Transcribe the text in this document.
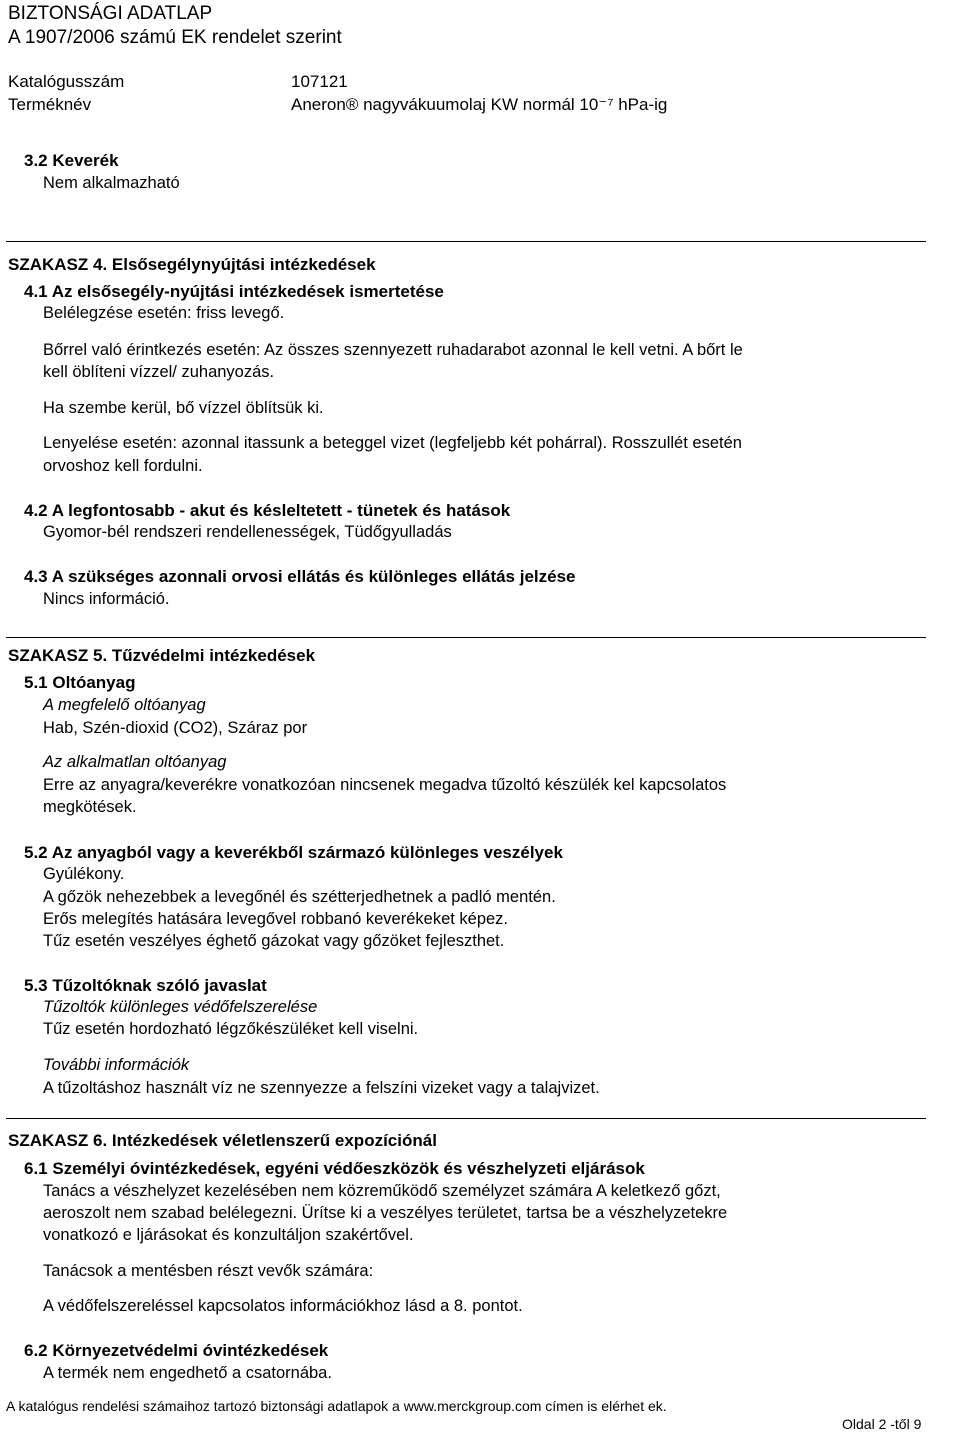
BIZTONSÁGI ADATLAP
A 1907/2006 számú EK rendelet szerint
Katalógusszám	107121
Terméknév	Aneron® nagyvákuumolaj KW normál 10⁻⁷ hPa-ig
3.2 Keverék
Nem alkalmazható
SZAKASZ 4. Elsősegélynyújtási intézkedések
4.1 Az elsősegély-nyújtási intézkedések ismertetése
Belélegzése esetén: friss levegő.
Bőrrel való érintkezés esetén: Az összes szennyezett ruhadarabot azonnal le kell vetni. A bőrt le
kell öblíteni vízzel/ zuhanyozás.
Ha szembe kerül, bő vízzel öblítsük ki.
Lenyelése esetén: azonnal itassunk a beteggel vizet (legfeljebb két pohárral). Rosszullét esetén
orvoshoz kell fordulni.
4.2 A legfontosabb - akut és késleltetett - tünetek és hatások
Gyomor-bél rendszeri rendellenességek, Tüdőgyulladás
4.3 A szükséges azonnali orvosi ellátás és különleges ellátás jelzése
Nincs információ.
SZAKASZ 5. Tűzvédelmi intézkedések
5.1 Oltóanyag
A megfelelő oltóanyag
Hab, Szén-dioxid (CO2), Száraz por
Az alkalmatlan oltóanyag
Erre az anyagra/keverékre vonatkozóan nincsenek megadva tűzoltó készülék kel kapcsolatos
megkötések.
5.2 Az anyagból vagy a keverékből származó különleges veszélyek
Gyúlékony.
A gőzök nehezebbek a levegőnél és szétterjedhetnek a padló mentén.
Erős melegítés hatására levegővel robbanó keverékeket képez.
Tűz esetén veszélyes éghető gázokat vagy gőzöket fejleszthet.
5.3 Tűzoltóknak szóló javaslat
Tűzoltók különleges védőfelszerelése
Tűz esetén hordozható légzőkészüléket kell viselni.
További információk
A tűzoltáshoz használt víz ne szennyezze a felszíni vizeket vagy a talajvizet.
SZAKASZ 6. Intézkedések véletlenszerű expozíciónál
6.1 Személyi óvintézkedések, egyéni védőeszközök és vészhelyzeti eljárások
Tanács a vészhelyzet kezelésében nem közreműködő személyzet számára A keletkező gőzt,
aeroszolt nem szabad belélegezni. Ürítse ki a veszélyes területet, tartsa be a vészhelyzetekre
vonatkozó e ljárásokat és konzultáljon szakértővel.
Tanácsok a mentésben részt vevők számára:
A védőfelszereléssel kapcsolatos információkhoz lásd a 8. pontot.
6.2 Környezetvédelmi óvintézkedések
A termék nem engedhető a csatornába.
A katalógus rendelési számaihoz tartozó biztonsági adatlapok a www.merckgroup.com címen is elérhet ek.
Oldal 2 -től 9
